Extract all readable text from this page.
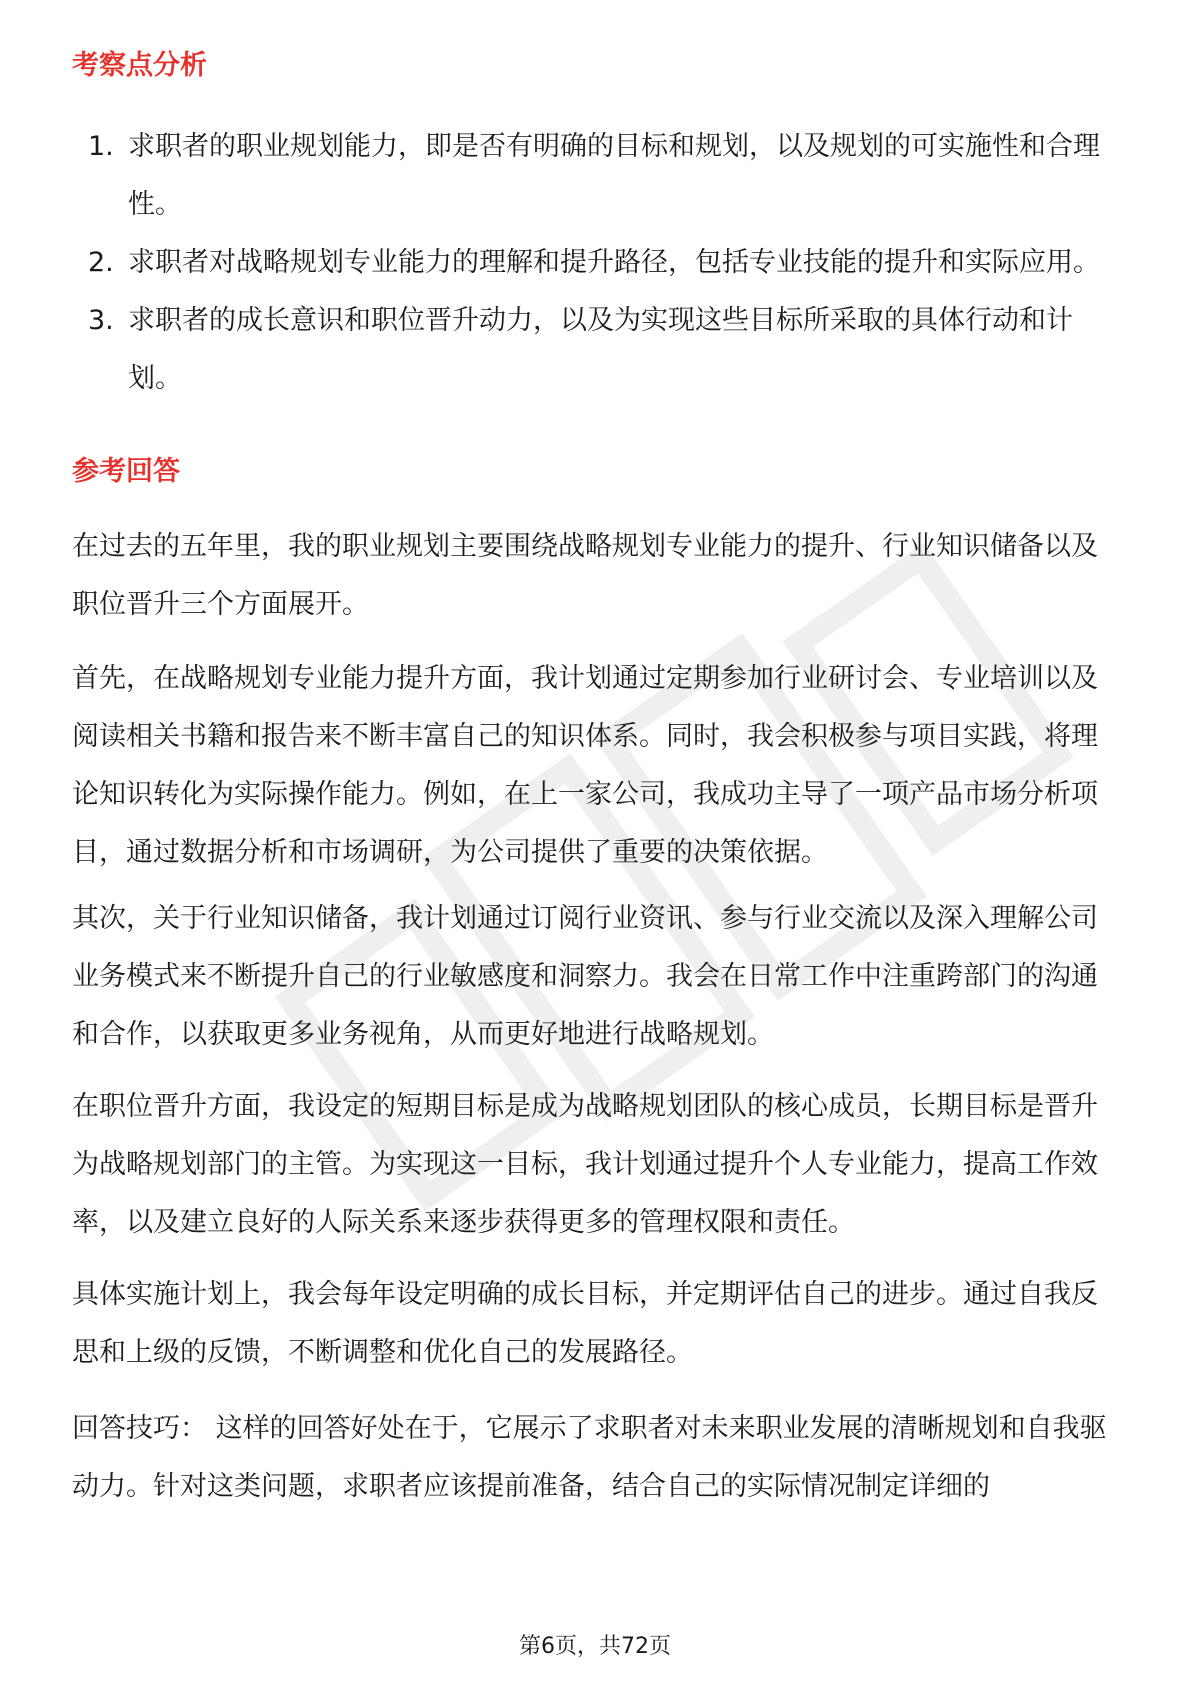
考察点分析
1. 求职者的职业规划能力，即是否有明确的目标和规划，以及规划的可实施性和合理性。
2. 求职者对战略规划专业能力的理解和提升路径，包括专业技能的提升和实际应用。
3. 求职者的成长意识和职位晋升动力，以及为实现这些目标所采取的具体行动和计划。
参考回答

在过去的五年里，我的职业规划主要围绕战略规划专业能力的提升、行业知识储备以及职位晋升三个方面展开。

首先，在战略规划专业能力提升方面，我计划通过定期参加行业研讨会、专业培训以及阅读相关书籍和报告来不断丰富自己的知识体系。同时，我会积极参与项目实践，将理论知识转化为实际操作能力。例如，在上一家公司，我成功主导了一项产品市场分析项目，通过数据分析和市场调研，为公司提供了重要的决策依据。

其次，关于行业知识储备，我计划通过订阅行业资讯、参与行业交流以及深入理解公司业务模式来不断提升自己的行业敏感度和洞察力。我会在日常工作中注重跨部门的沟通和合作，以获取更多业务视角，从而更好地进行战略规划。

在职位晋升方面，我设定的短期目标是成为战略规划团队的核心成员，长期目标是晋升为战略规划部门的主管。为实现这一目标，我计划通过提升个人专业能力，提高工作效率，以及建立良好的人际关系来逐步获得更多的管理权限和责任。

具体实施计划上，我会每年设定明确的成长目标，并定期评估自己的进步。通过自我反思和上级的反馈，不断调整和优化自己的发展路径。

回答技巧： 这样的回答好处在于，它展示了求职者对未来职业发展的清晰规划和自我驱动力。针对这类问题，求职者应该提前准备，结合自己的实际情况制定详细的

第6页，共72页
